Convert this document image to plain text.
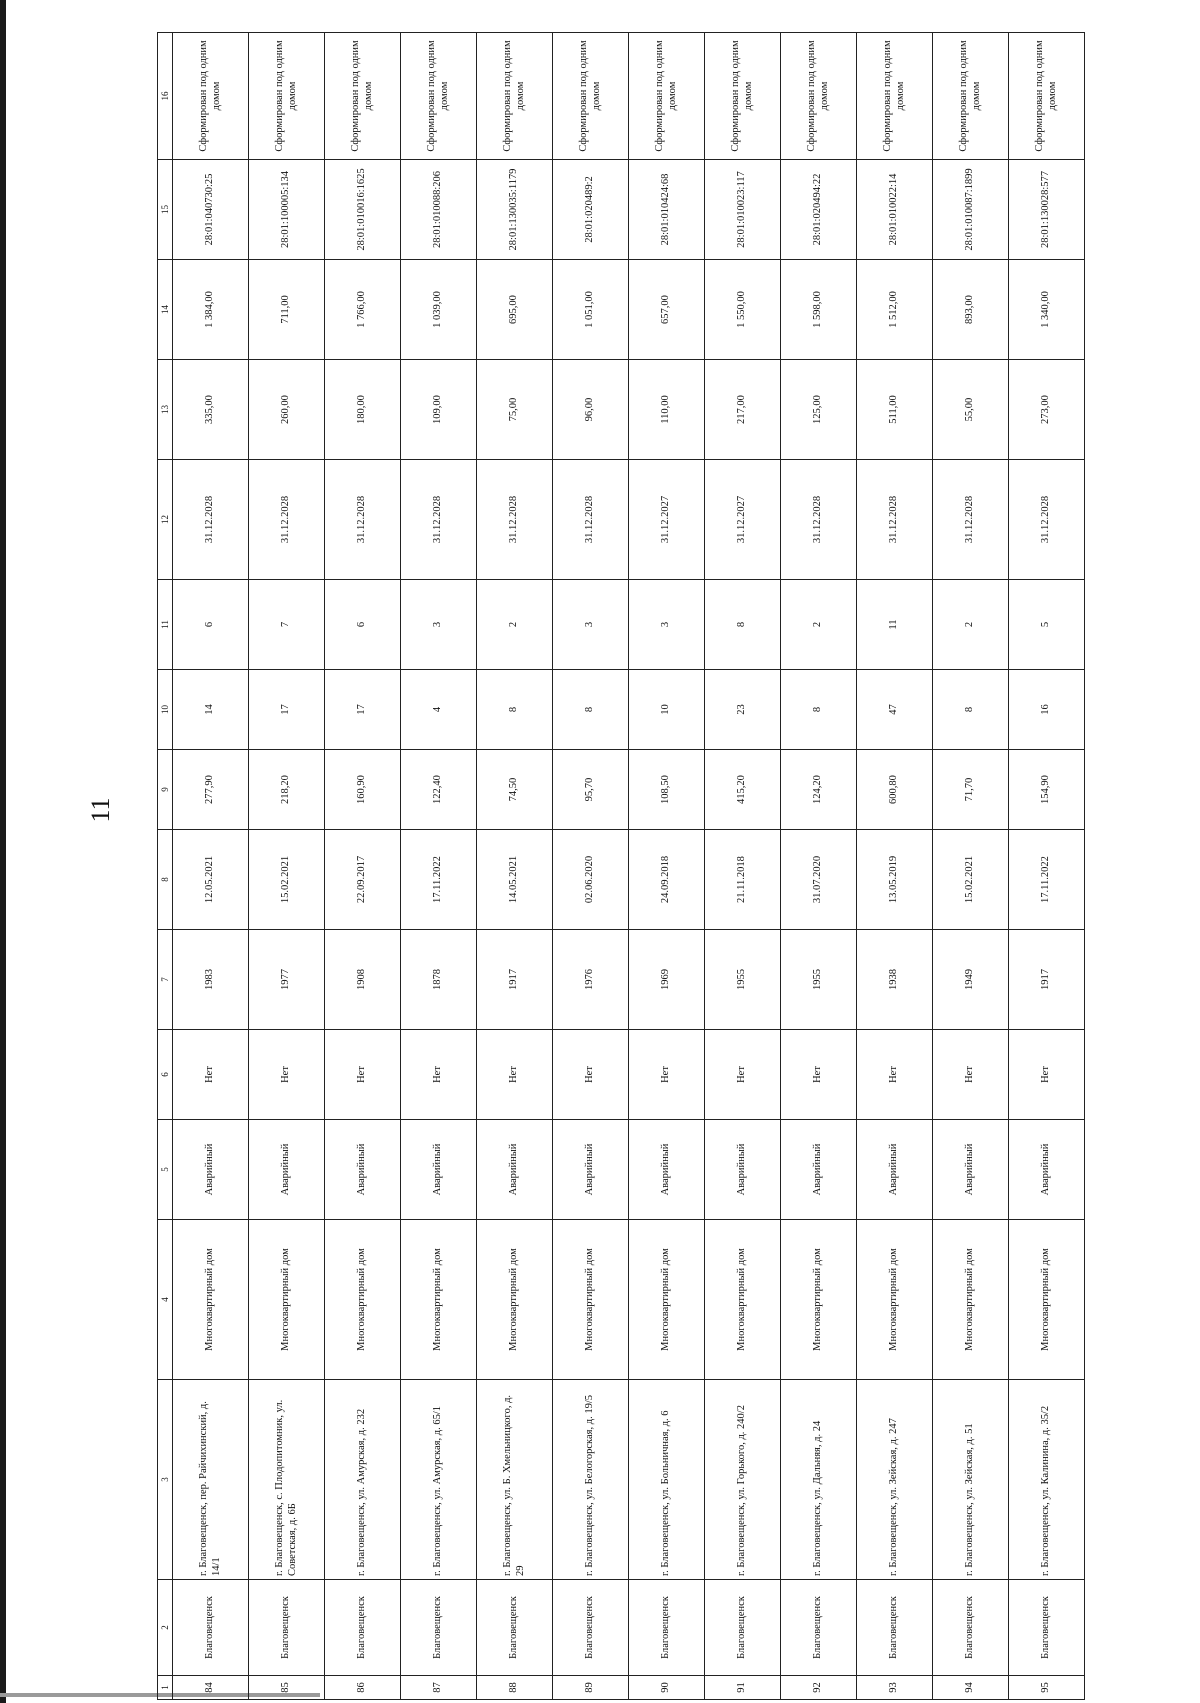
11
1	2	3	4	5	6	7	8	9	10	11	12	13	14	15	16
84	Благовещенск	г. Благовещенск, пер. Райчихинский, д. 14/1	Многоквартирный дом	Аварийный	Нет	1983	12.05.2021	277,90	14	6	31.12.2028	335,00	1 384,00	28:01:040730:25	Сформирован под одним домом
85	Благовещенск	г. Благовещенск, с. Плодопитомник, ул. Советская, д. 6Б	Многоквартирный дом	Аварийный	Нет	1977	15.02.2021	218,20	17	7	31.12.2028	260,00	711,00	28:01:100005:134	Сформирован под одним домом
86	Благовещенск	г. Благовещенск, ул. Амурская, д. 232	Многоквартирный дом	Аварийный	Нет	1908	22.09.2017	160,90	17	6	31.12.2028	180,00	1 766,00	28:01:010016:1625	Сформирован под одним домом
87	Благовещенск	г. Благовещенск, ул. Амурская, д. 65/1	Многоквартирный дом	Аварийный	Нет	1878	17.11.2022	122,40	4	3	31.12.2028	109,00	1 039,00	28:01:010088:206	Сформирован под одним домом
88	Благовещенск	г. Благовещенск, ул. Б. Хмельницкого, д. 29	Многоквартирный дом	Аварийный	Нет	1917	14.05.2021	74,50	8	2	31.12.2028	75,00	695,00	28:01:130035:1179	Сформирован под одним домом
89	Благовещенск	г. Благовещенск, ул. Белогорская, д. 19/5	Многоквартирный дом	Аварийный	Нет	1976	02.06.2020	95,70	8	3	31.12.2028	96,00	1 051,00	28:01:020489:2	Сформирован под одним домом
90	Благовещенск	г. Благовещенск, ул. Больничная, д. 6	Многоквартирный дом	Аварийный	Нет	1969	24.09.2018	108,50	10	3	31.12.2027	110,00	657,00	28:01:010424:68	Сформирован под одним домом
91	Благовещенск	г. Благовещенск, ул. Горького, д. 240/2	Многоквартирный дом	Аварийный	Нет	1955	21.11.2018	415,20	23	8	31.12.2027	217,00	1 550,00	28:01:010023:117	Сформирован под одним домом
92	Благовещенск	г. Благовещенск, ул. Дальняя, д. 24	Многоквартирный дом	Аварийный	Нет	1955	31.07.2020	124,20	8	2	31.12.2028	125,00	1 598,00	28:01:020494:22	Сформирован под одним домом
93	Благовещенск	г. Благовещенск, ул. Зейская, д. 247	Многоквартирный дом	Аварийный	Нет	1938	13.05.2019	600,80	47	11	31.12.2028	511,00	1 512,00	28:01:010022:14	Сформирован под одним домом
94	Благовещенск	г. Благовещенск, ул. Зейская, д. 51	Многоквартирный дом	Аварийный	Нет	1949	15.02.2021	71,70	8	2	31.12.2028	55,00	893,00	28:01:010087:1899	Сформирован под одним домом
95	Благовещенск	г. Благовещенск, ул. Калинина, д. 35/2	Многоквартирный дом	Аварийный	Нет	1917	17.11.2022	154,90	16	5	31.12.2028	273,00	1 340,00	28:01:130028:577	Сформирован под одним домом
